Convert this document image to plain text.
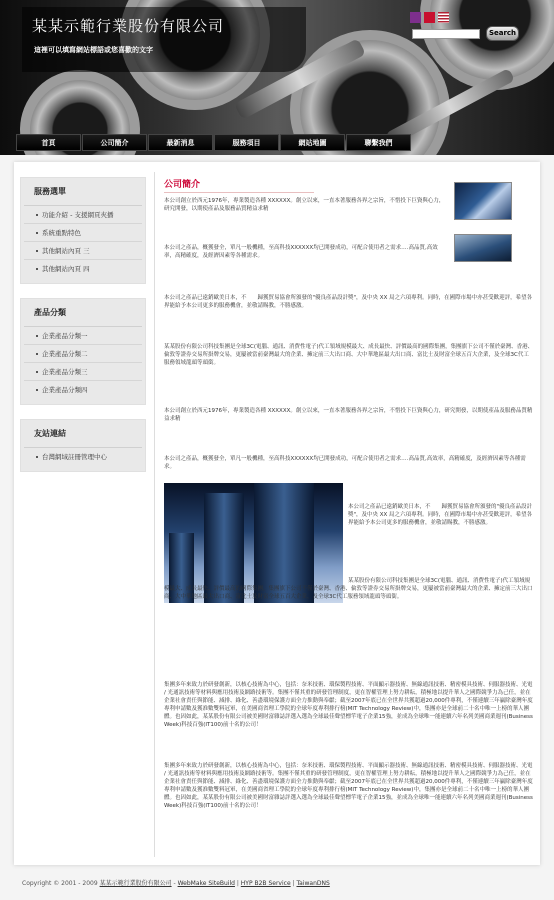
某某示範行業股份有限公司
這裡可以填寫網站標語或您喜歡的文字
Search
首頁	公司簡介	最新消息	服務項目	網站地圖	聯繫我們
服務選單
功能介紹 - 支援網頁夾播
系統重點特色
其他網站內頁 三
其他網站內頁 四
產品分類
企業產品分類一
企業產品分類二
企業產品分類三
企業產品分類四
友站連結
台灣網域註冊管理中心
公司簡介
本公司創立於西元1976年，專業製造各種 XXXXXX。創立以來，一直本著服務各界之宗旨，不惜投下巨資與心力，研究開發，以期使產品及服務品質精益求精
本公司之產品，概獲發全，單凡一般機種，至高科技XXXXXX均已開發成功，可配合使用者之需求‥‥高品質,高效率，高精確度，及經濟因素等各種需求。
本公司之產品已遠銷歐美日本，不　　歸獲貿易協會所頒發的"優良產品設計獎"，及中央 XX 局之六項專利。同時，在國際市場中亦甚受歡迎評，希望各界能給予本公司更多的服務機會，並敬請賜教，不勝感激。
某某股份有限公司科技集團是全球3C(電腦、通訊、消費性電子)代工領域規模最大、成長最快、評價最高的國際集團，集團旗下公司不僅於臺灣、香港、倫敦等證券交易所掛牌交易，更屢被當前臺灣最大的企業、擁定前三大出口商、大中華地區最大出口商、富比士及財富全球五百大企業，及全球3C代工服務領域龍頭等頭銜。
本公司創立於西元1976年，專業製造各種 XXXXXX。創立以來，一直本著服務各界之宗旨，不惜投下巨資與心力，研究開發，以期使產品及服務品質精益求精
本公司之產品，概獲發全，單凡一般機種，至高科技XXXXXX均已開發成功，可配合使用者之需求‥‥高品質,高效率，高精確度，及經濟因素等各種需求。
本公司之產品已遠銷歐美日本，不　　歸獲貿易協會所頒發的"優良產品設計獎"，及中央 XX 局之六項專利。同時，在國際市場中亦甚受歡迎評，希望各界能給予本公司更多的服務機會，並敬請賜教，不勝感激。
某某股份有限公司科技集團是全球3C(電腦、通訊、消費性電子)代工領域規模最大、成長最快、評價最高的國際集團，集團旗下公司不僅於臺灣、香港、倫敦等證券交易所掛牌交易，更屢被當前臺灣最大的企業、擁定前三大出口商、大中華地區最大出口商、富比士及財富全球五百大企業，及全球3C代工服務領域龍頭等頭銜。
集團多年來致力於研發創新，以核心技術為中心，包括：奈米技術、環保製程技術、平面顯示器技術、無線通訊技術、精密模具技術、伺服器技術、光電 / 光通訊技術等材料與應用技術及網路技術等。集團不僅其重的研發管理制度，更在智權管理上努力耕耘，積極地以提升華人之國際競爭力為己任，並在企業社會責任與節能、減排、綠化、善盡環境保護方面全力推動與奉獻；截至2007年底已在全世界共獲超過20,000件專利，不僅連續三年贏除臺灣年度專利申請數及獲准數雙料冠軍，在美國商省理工學院的全球年度專利排行榜(MIT Technology Review)中，集團亦是全球前二十名中唯一上榜的華人團體。也因如此，某某股份有限公司被美國財富雜誌評選入選為全球最佳聲望標竿電子企業15強，並成為全球唯一能連續六年名列美國商業週刊(Business Week)科技百強(IT100)前十名的公司！
集團多年來致力於研發創新，以核心技術為中心，包括：奈米技術、環保製程技術、平面顯示器技術、無線通訊技術、精密模具技術、伺服器技術、光電 / 光通訊技術等材料與應用技術及網路技術等。集團不僅其重的研發管理制度，更在智權管理上努力耕耘，積極地以提升華人之國際競爭力為己任，並在企業社會責任與節能、減排、綠化、善盡環境保護方面全力推動與奉獻；截至2007年底已在全世界共獲超過20,000件專利，不僅連續三年贏除臺灣年度專利申請數及獲准數雙料冠軍，在美國商省理工學院的全球年度專利排行榜(MIT Technology Review)中，集團亦是全球前二十名中唯一上榜的華人團體。也因如此，某某股份有限公司被美國財富雜誌評選入選為全球最佳聲望標竿電子企業15強，並成為全球唯一能連續六年名列美國商業週刊(Business Week)科技百強(IT100)前十名的公司！
Copyright © 2001 - 2009 某某示範行業股份有限公司 - WebMake SiteBuild | HYP B2B Service | TaiwanDNS
